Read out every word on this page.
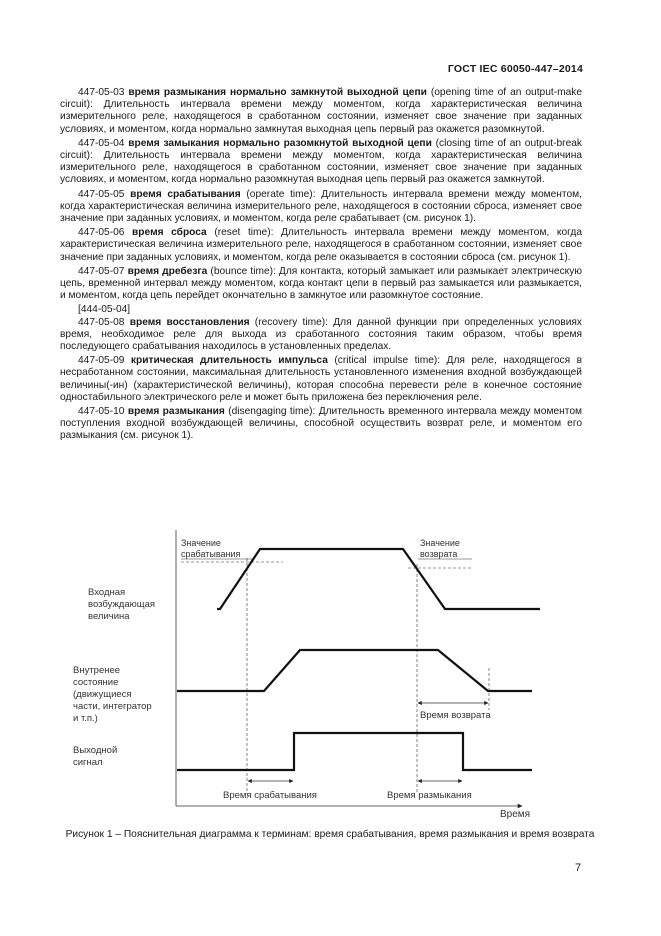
ГОСТ IEC 60050-447–2014

447-05-03 время размыкания нормально замкнутой выходной цепи (opening time of an output-make circuit): Длительность интервала времени между моментом, когда характеристическая величина измерительного реле, находящегося в сработанном состоянии, изменяет свое значение при заданных условиях, и моментом, когда нормально замкнутая выходная цепь первый раз окажется разомкнутой.

447-05-04 время замыкания нормально разомкнутой выходной цепи (closing time of an output-break circuit): Длительность интервала времени между моментом, когда характеристическая величина измерительного реле, находящегося в сработанном состоянии, изменяет свое значение при заданных условиях, и моментом, когда нормально разомкнутая выходная цепь первый раз окажется замкнутой.

447-05-05 время срабатывания (operate time): Длительность интервала времени между моментом, когда характеристическая величина измерительного реле, находящегося в состоянии сброса, изменяет свое значение при заданных условиях, и моментом, когда реле срабатывает (см. рисунок 1).

447-05-06 время сброса (reset time): Длительность интервала времени между моментом, когда характеристическая величина измерительного реле, находящегося в сработанном состоянии, изменяет свое значение при заданных условиях, и моментом, когда реле оказывается в состоянии сброса (см. рисунок 1).

447-05-07 время дребезга (bounce time): Для контакта, который замыкает или размыкает электрическую цепь, временной интервал между моментом, когда контакт цепи в первый раз замыкается или размыкается, и моментом, когда цепь перейдет окончательно в замкнутое или разомкнутое состояние.

[444-05-04]

447-05-08 время восстановления (recovery time): Для данной функции при определенных условиях время, необходимое реле для выхода из сработанного состояния таким образом, чтобы время последующего срабатывания находилось в установленных пределах.

447-05-09 критическая длительность импульса (critical impulse time): Для реле, находящегося в несработанном состоянии, максимальная длительность установленного изменения входной возбуждающей величины(-ин) (характеристической величины), которая способна перевести реле в конечное состояние одностабильного электрического реле и может быть приложена без переключения реле.

447-05-10 время размыкания (disengaging time): Длительность временного интервала между моментом поступления входной возбуждающей величины, способной осуществить возврат реле, и моментом его размыкания (см. рисунок 1).

Время
Входная возбуждающая величина
Внутренее состояние (движущиеся части, интегратор и т.п.)
Выходной сигнал
Значение срабатывания
Значение возврата
Время возврата
Время срабатывания	Время размыкания
Рисунок 1 – Пояснительная диаграмма к терминам: время срабатывания, время размыкания и время возврата
7
